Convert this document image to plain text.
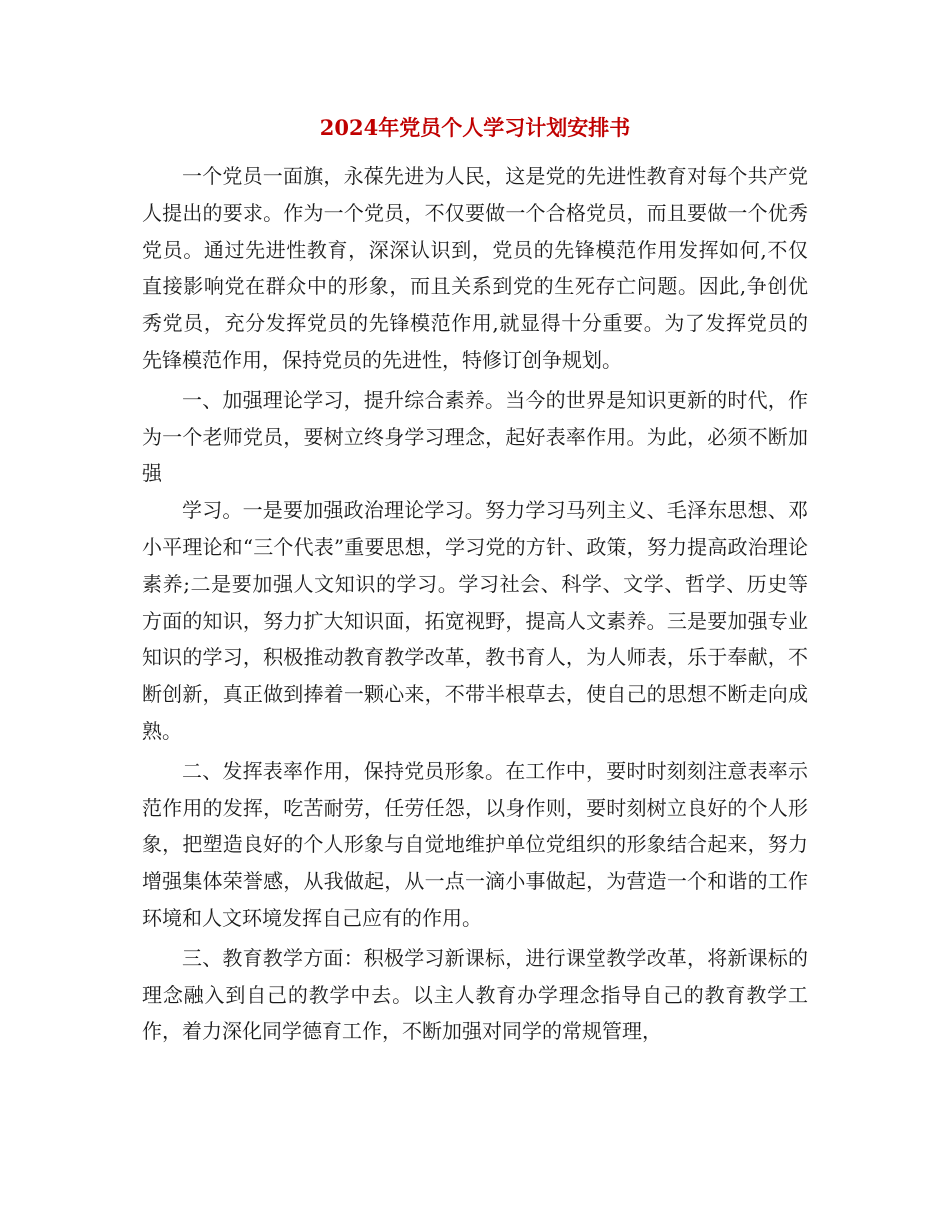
2024年党员个人学习计划安排书

一个党员一面旗，永葆先进为人民，这是党的先进性教育对每个共产党人提出的要求。作为一个党员，不仅要做一个合格党员，而且要做一个优秀党员。通过先进性教育，深深认识到，党员的先锋模范作用发挥如何,不仅直接影响党在群众中的形象，而且关系到党的生死存亡问题。因此,争创优秀党员，充分发挥党员的先锋模范作用,就显得十分重要。为了发挥党员的先锋模范作用，保持党员的先进性，特修订创争规划。

一、加强理论学习，提升综合素养。当今的世界是知识更新的时代，作为一个老师党员，要树立终身学习理念，起好表率作用。为此，必须不断加强

学习。一是要加强政治理论学习。努力学习马列主义、毛泽东思想、邓小平理论和“三个代表”重要思想，学习党的方针、政策，努力提高政治理论素养;二是要加强人文知识的学习。学习社会、科学、文学、哲学、历史等方面的知识，努力扩大知识面，拓宽视野，提高人文素养。三是要加强专业知识的学习，积极推动教育教学改革，教书育人，为人师表，乐于奉献，不断创新，真正做到捧着一颗心来，不带半根草去，使自己的思想不断走向成熟。

二、发挥表率作用，保持党员形象。在工作中，要时时刻刻注意表率示范作用的发挥，吃苦耐劳，任劳任怨，以身作则，要时刻树立良好的个人形象，把塑造良好的个人形象与自觉地维护单位党组织的形象结合起来，努力增强集体荣誉感，从我做起，从一点一滴小事做起，为营造一个和谐的工作环境和人文环境发挥自己应有的作用。

三、教育教学方面：积极学习新课标，进行课堂教学改革，将新课标的理念融入到自己的教学中去。以主人教育办学理念指导自己的教育教学工作，着力深化同学德育工作，不断加强对同学的常规管理，
